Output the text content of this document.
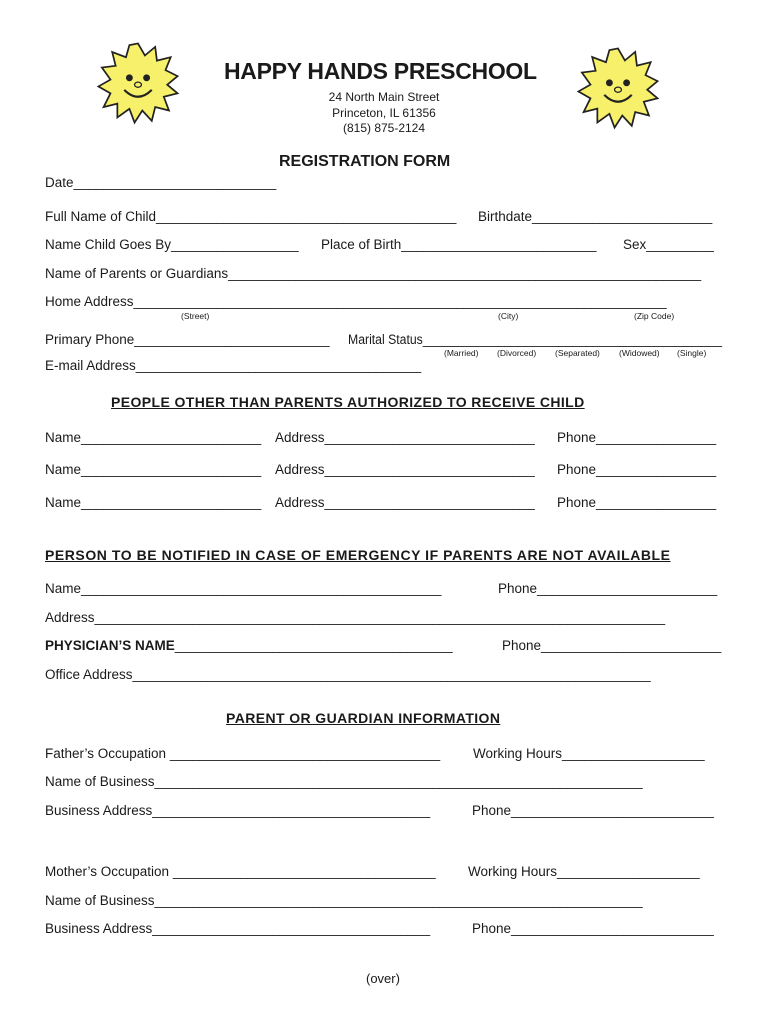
HAPPY HANDS PRESCHOOL
24 North Main Street
Princeton, IL 61356
(815) 875-2124
REGISTRATION FORM
Date___________________________
Full Name of Child________________________________________ Birthdate________________________
Name Child Goes By_________________ Place of Birth__________________________ Sex_________
Name of Parents or Guardians_______________________________________________________________
Home Address_______________________________________________________________________
(Street)	(City)	(Zip Code)
Primary Phone__________________________ Marital Status____________________________________________
(Married) (Divorced) (Separated) (Widowed) (Single)
E-mail Address______________________________________
PEOPLE OTHER THAN PARENTS AUTHORIZED TO RECEIVE CHILD
Name________________________ Address____________________________ Phone________________
Name________________________ Address____________________________ Phone________________
Name________________________ Address____________________________ Phone________________
PERSON TO BE NOTIFIED IN CASE OF EMERGENCY IF PARENTS ARE NOT AVAILABLE
Name________________________________________________	Phone________________________
Address____________________________________________________________________________
PHYSICIAN’S NAME_____________________________________	Phone________________________
Office Address_____________________________________________________________________
PARENT OR GUARDIAN INFORMATION
Father’s Occupation ____________________________________ Working Hours___________________
Name of Business_________________________________________________________________
Business Address_____________________________________	Phone___________________________
Mother’s Occupation ___________________________________ Working Hours___________________
Name of Business_________________________________________________________________
Business Address_____________________________________	Phone___________________________
(over)
